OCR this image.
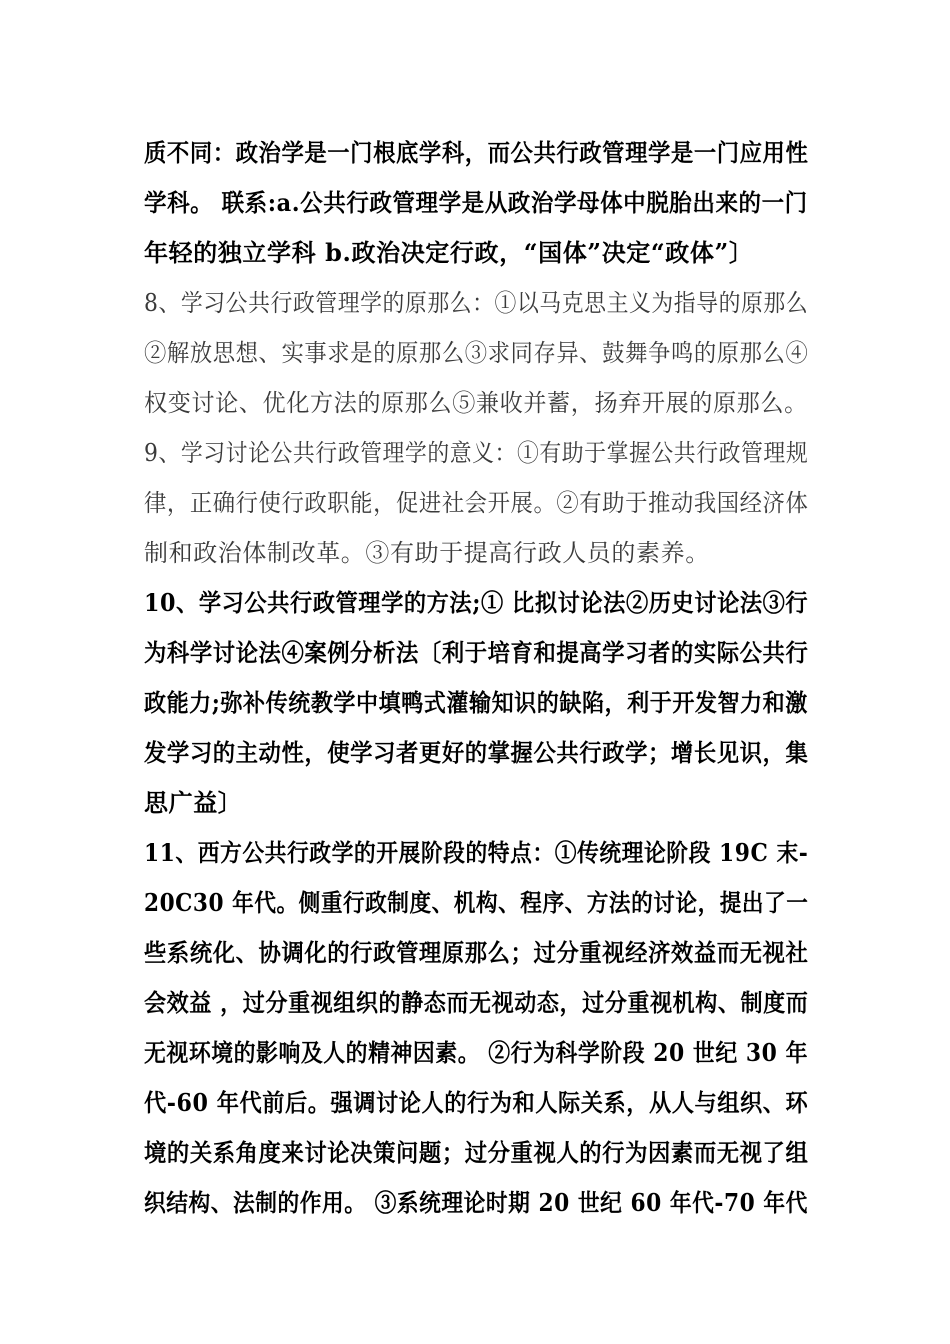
质不同：政治学是一门根底学科，而公共行政管理学是一门应用性
学科。 联系:a.公共行政管理学是从政治学母体中脱胎出来的一门
年轻的独立学科 b.政治决定行政，“国体”决定“政体”〕
8、学习公共行政管理学的原那么：①以马克思主义为指导的原那么
②解放思想、实事求是的原那么③求同存异、鼓舞争鸣的原那么④
权变讨论、优化方法的原那么⑤兼收并蓄，扬弃开展的原那么。
9、学习讨论公共行政管理学的意义：①有助于掌握公共行政管理规
律，正确行使行政职能，促进社会开展。②有助于推动我国经济体
制和政治体制改革。③有助于提高行政人员的素养。
10、学习公共行政管理学的方法;① 比拟讨论法②历史讨论法③行
为科学讨论法④案例分析法〔利于培育和提高学习者的实际公共行
政能力;弥补传统教学中填鸭式灌输知识的缺陷，利于开发智力和激
发学习的主动性，使学习者更好的掌握公共行政学；增长见识，集
思广益〕
11、西方公共行政学的开展阶段的特点：①传统理论阶段 19C 末-
20C30 年代。侧重行政制度、机构、程序、方法的讨论，提出了一
些系统化、协调化的行政管理原那么；过分重视经济效益而无视社
会效益 ，过分重视组织的静态而无视动态，过分重视机构、制度而
无视环境的影响及人的精神因素。 ②行为科学阶段 20 世纪 30 年
代-60 年代前后。强调讨论人的行为和人际关系，从人与组织、环
境的关系角度来讨论决策问题；过分重视人的行为因素而无视了组
织结构、法制的作用。 ③系统理论时期 20 世纪 60 年代-70 年代
